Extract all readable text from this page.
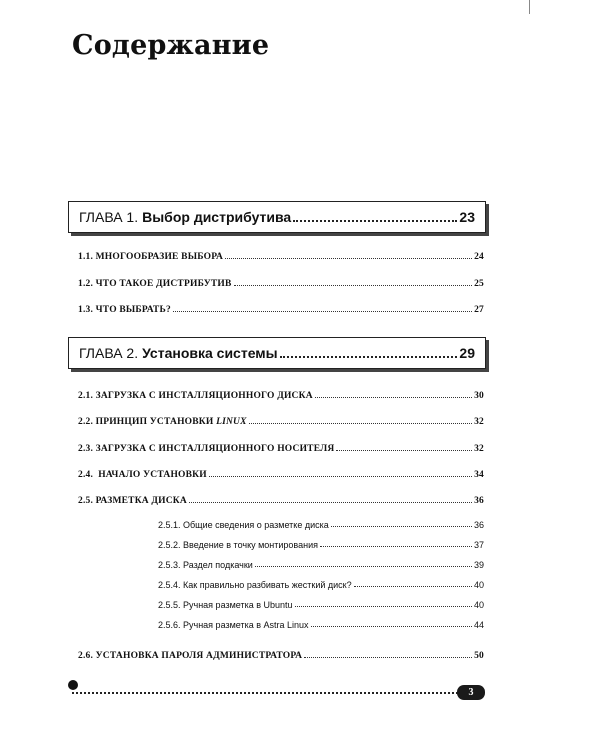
Содержание
ГЛАВА 1. Выбор дистрибутива	23
1.1. МНОГООБРАЗИЕ ВЫБОРА	24
1.2. ЧТО ТАКОЕ ДИСТРИБУТИВ	25
1.3. ЧТО ВЫБРАТЬ?	27
ГЛАВА 2. Установка системы	29
2.1. ЗАГРУЗКА С ИНСТАЛЛЯЦИОННОГО ДИСКА	30
2.2. ПРИНЦИП УСТАНОВКИ LINUX	32
2.3. ЗАГРУЗКА С ИНСТАЛЛЯЦИОННОГО НОСИТЕЛЯ	32
2.4.  НАЧАЛО УСТАНОВКИ	34
2.5. РАЗМЕТКА ДИСКА	36
2.5.1. Общие сведения о разметке диска	36
2.5.2. Введение в точку монтирования	37
2.5.3. Раздел подкачки	39
2.5.4. Как правильно разбивать жесткий диск?	40
2.5.5. Ручная разметка в Ubuntu	40
2.5.6. Ручная разметка в Astra Linux	44
2.6. УСТАНОВКА ПАРОЛЯ АДМИНИСТРАТОРА	50
3
